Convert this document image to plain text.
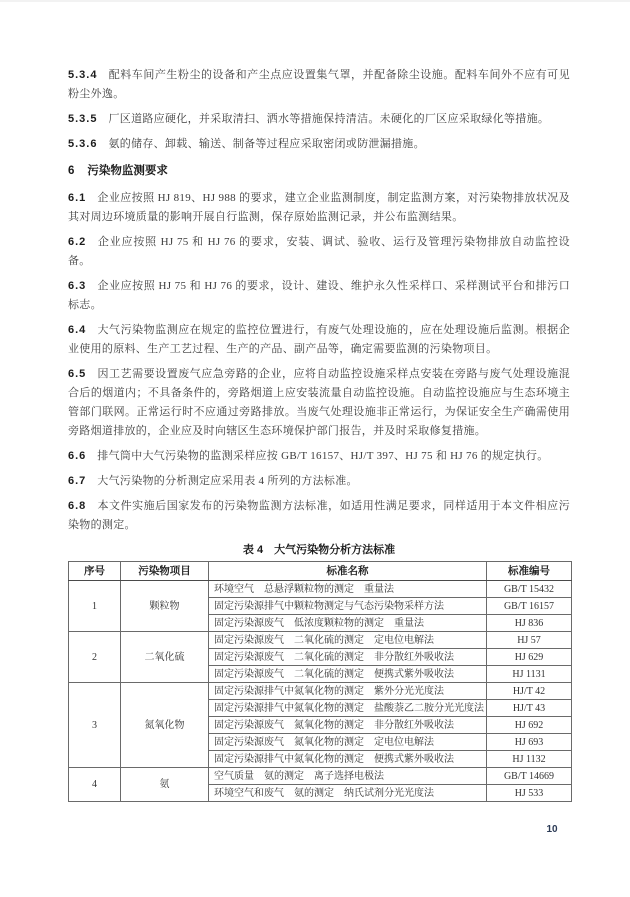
5.3.4 配料车间产生粉尘的设备和产尘点应设置集气罩，并配备除尘设施。配料车间外不应有可见粉尘外逸。

5.3.5 厂区道路应硬化，并采取清扫、洒水等措施保持清洁。未硬化的厂区应采取绿化等措施。

5.3.6 氨的储存、卸载、输送、制备等过程应采取密闭或防泄漏措施。

6 污染物监测要求

6.1 企业应按照 HJ 819、HJ 988 的要求，建立企业监测制度，制定监测方案，对污染物排放状况及其对周边环境质量的影响开展自行监测，保存原始监测记录，并公布监测结果。

6.2 企业应按照 HJ 75 和 HJ 76 的要求，安装、调试、验收、运行及管理污染物排放自动监控设备。

6.3 企业应按照 HJ 75 和 HJ 76 的要求，设计、建设、维护永久性采样口、采样测试平台和排污口标志。

6.4 大气污染物监测应在规定的监控位置进行，有废气处理设施的，应在处理设施后监测。根据企业使用的原料、生产工艺过程、生产的产品、副产品等，确定需要监测的污染物项目。

6.5 因工艺需要设置废气应急旁路的企业，应将自动监控设施采样点安装在旁路与废气处理设施混合后的烟道内；不具备条件的，旁路烟道上应安装流量自动监控设施。自动监控设施应与生态环境主管部门联网。正常运行时不应通过旁路排放。当废气处理设施非正常运行，为保证安全生产确需使用旁路烟道排放的，企业应及时向辖区生态环境保护部门报告，并及时采取修复措施。

6.6 排气筒中大气污染物的监测采样应按 GB/T 16157、HJ/T 397、HJ 75 和 HJ 76 的规定执行。

6.7 大气污染物的分析测定应采用表 4 所列的方法标准。

6.8 本文件实施后国家发布的污染物监测方法标准，如适用性满足要求，同样适用于本文件相应污染物的测定。

表 4　大气污染物分析方法标准

序号	污染物项目	标准名称	标准编号
1	颗粒物	环境空气　总悬浮颗粒物的测定　重量法	GB/T 15432
		固定污染源排气中颗粒物测定与气态污染物采样方法	GB/T 16157
		固定污染源废气　低浓度颗粒物的测定　重量法	HJ 836
2	二氧化硫	固定污染源废气　二氧化硫的测定　定电位电解法	HJ 57
		固定污染源废气　二氧化硫的测定　非分散红外吸收法	HJ 629
		固定污染源废气　二氧化硫的测定　便携式紫外吸收法	HJ 1131
3	氮氧化物	固定污染源排气中氮氧化物的测定　紫外分光光度法	HJ/T 42
		固定污染源排气中氮氧化物的测定　盐酸萘乙二胺分光光度法	HJ/T 43
		固定污染源废气　氮氧化物的测定　非分散红外吸收法	HJ 692
		固定污染源废气　氮氧化物的测定　定电位电解法	HJ 693
		固定污染源排气中氮氧化物的测定　便携式紫外吸收法	HJ 1132
4	氨	空气质量　氨的测定　离子选择电极法	GB/T 14669
		环境空气和废气　氨的测定　纳氏试剂分光光度法	HJ 533
10
